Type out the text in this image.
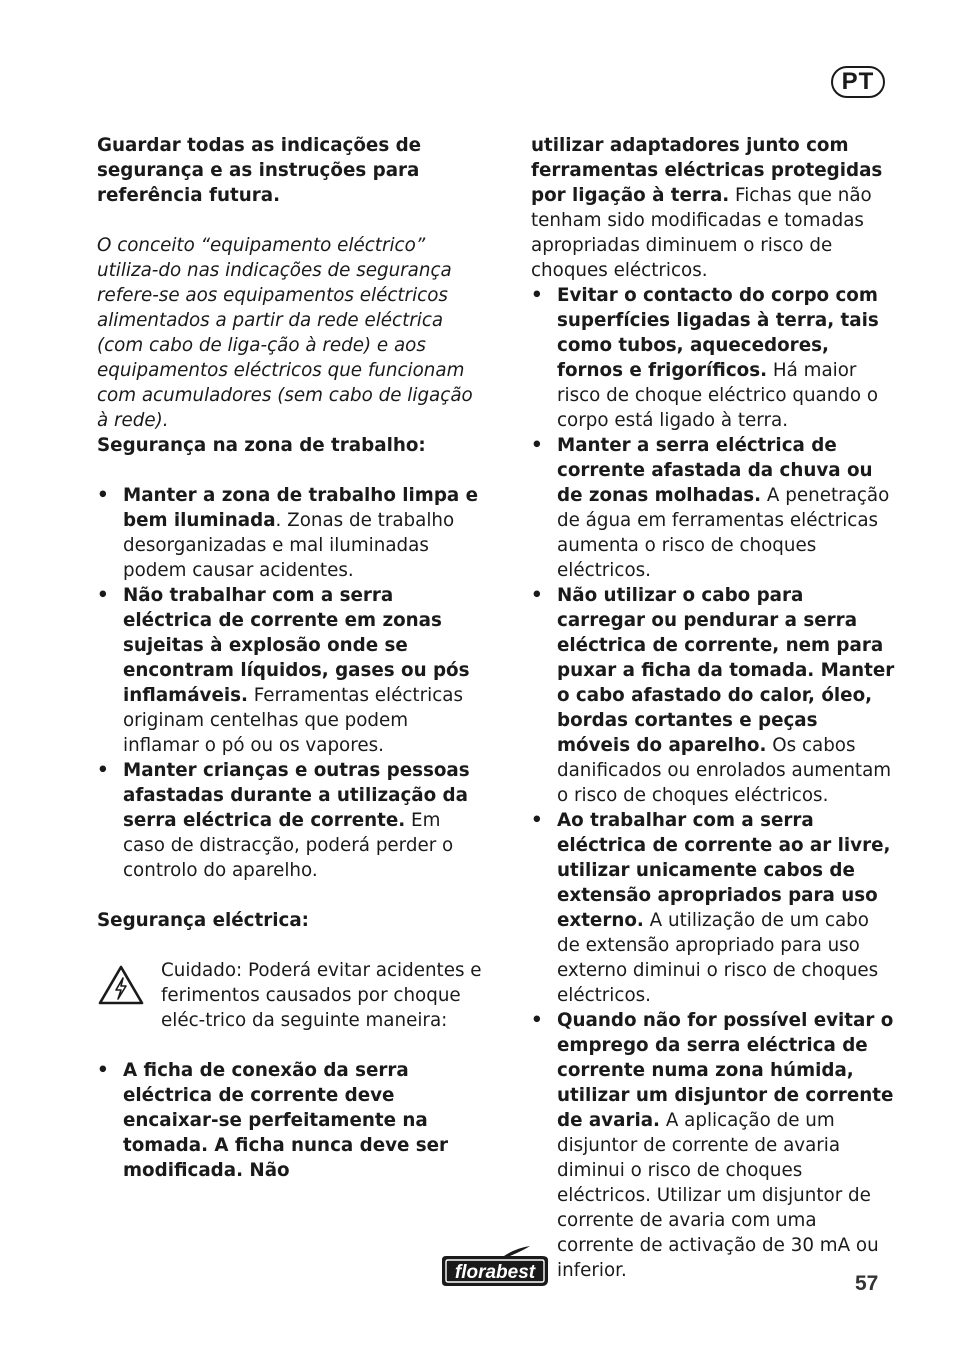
PT

Guardar todas as indicações de segurança e as instruções para referência futura.

O conceito “equipamento eléctrico” utiliza-do nas indicações de segurança refere-se aos equipamentos eléctricos alimentados a partir da rede eléctrica (com cabo de liga-ção à rede) e aos equipamentos eléctricos que funcionam com acumuladores (sem cabo de ligação à rede).

Segurança na zona de trabalho:

• Manter a zona de trabalho limpa e bem iluminada. Zonas de trabalho desorganizadas e mal iluminadas podem causar acidentes.
• Não trabalhar com a serra eléctrica de corrente em zonas sujeitas à explosão onde se encontram líquidos, gases ou pós inflamáveis. Ferramentas eléctricas originam centelhas que podem inflamar o pó ou os vapores.
• Manter crianças e outras pessoas afastadas durante a utilização da serra eléctrica de corrente. Em caso de distracção, poderá perder o controlo do aparelho.

Segurança eléctrica:

Cuidado: Poderá evitar acidentes e ferimentos causados por choque eléc-trico da seguinte maneira:

• A ficha de conexão da serra eléctrica de corrente deve encaixar-se perfeitamente na tomada. A ficha nunca deve ser modificada. Não

utilizar adaptadores junto com ferramentas eléctricas protegidas por ligação à terra. Fichas que não tenham sido modificadas e tomadas apropriadas diminuem o risco de choques eléctricos.

• Evitar o contacto do corpo com superfícies ligadas à terra, tais como tubos, aquecedores, fornos e frigoríficos. Há maior risco de choque eléctrico quando o corpo está ligado à terra.
• Manter a serra eléctrica de corrente afastada da chuva ou de zonas molhadas. A penetração de água em ferramentas eléctricas aumenta o risco de choques eléctricos.
• Não utilizar o cabo para carregar ou pendurar a serra eléctrica de corrente, nem para puxar a ficha da tomada. Manter o cabo afastado do calor, óleo, bordas cortantes e peças móveis do aparelho. Os cabos danificados ou enrolados aumentam o risco de choques eléctricos.
• Ao trabalhar com a serra eléctrica de corrente ao ar livre, utilizar unicamente cabos de extensão apropriados para uso externo. A utilização de um cabo de extensão apropriado para uso externo diminui o risco de choques eléctricos.
• Quando não for possível evitar o emprego da serra eléctrica de corrente numa zona húmida, utilizar um disjuntor de corrente de avaria. A aplicação de um disjuntor de corrente de avaria diminui o risco de choques eléctricos. Utilizar um disjuntor de corrente de avaria com uma corrente de activação de 30 mA ou inferior.
florabest	57
